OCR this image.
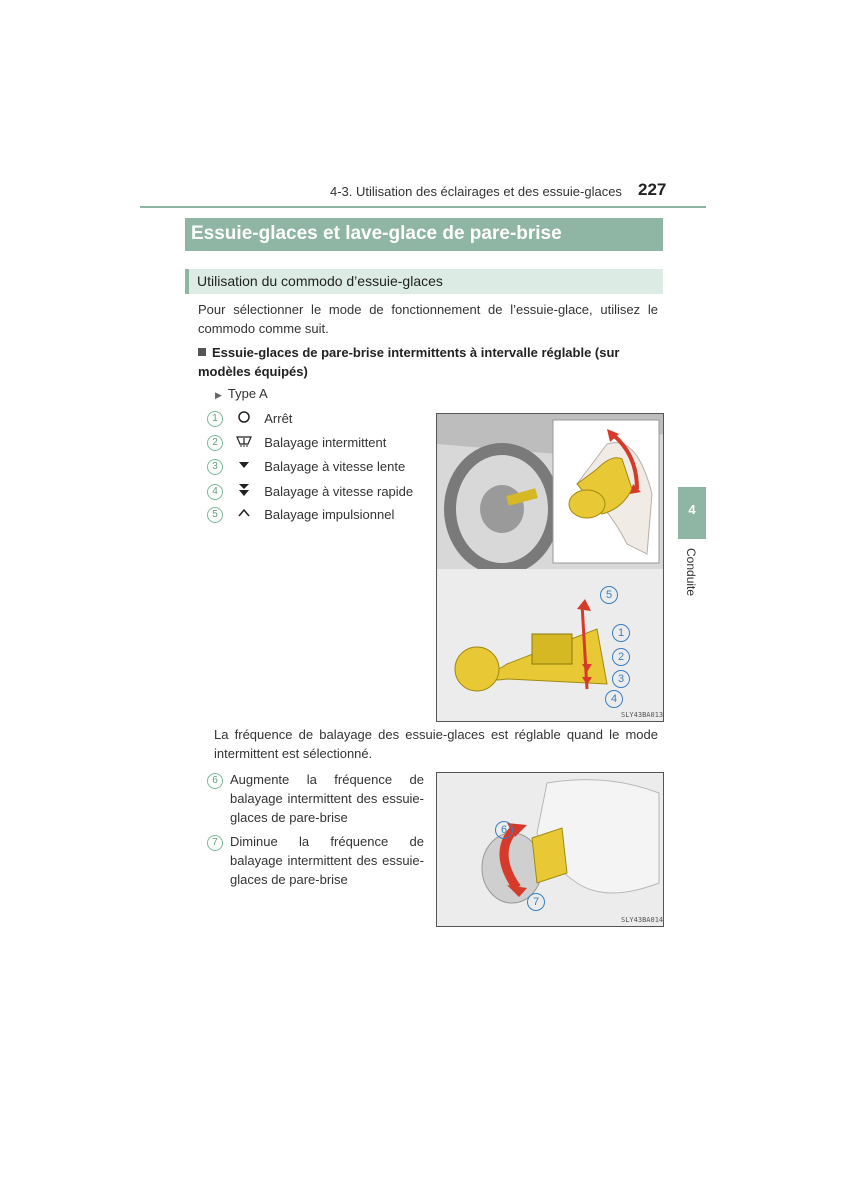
4-3. Utilisation des éclairages et des essuie-glaces 227
Essuie-glaces et lave-glace de pare-brise
Utilisation du commodo d’essuie-glaces
Pour sélectionner le mode de fonctionnement de l’essuie-glace, utilisez le commodo comme suit.
Essuie-glaces de pare-brise intermittents à intervalle réglable (sur modèles équipés)
▶ Type A
1	Arrêt
2	Balayage intermittent
3	Balayage à vitesse lente
4	Balayage à vitesse rapide
5	Balayage impulsionnel
5
1
2
3
4
SLY43BA013
La fréquence de balayage des essuie-glaces est réglable quand le mode intermittent est sélectionné.
6 Augmente la fréquence de balayage intermittent des essuie-glaces de pare-brise
7 Diminue la fréquence de balayage intermittent des essuie-glaces de pare-brise
6
7
SLY43BA014
4
Conduite
